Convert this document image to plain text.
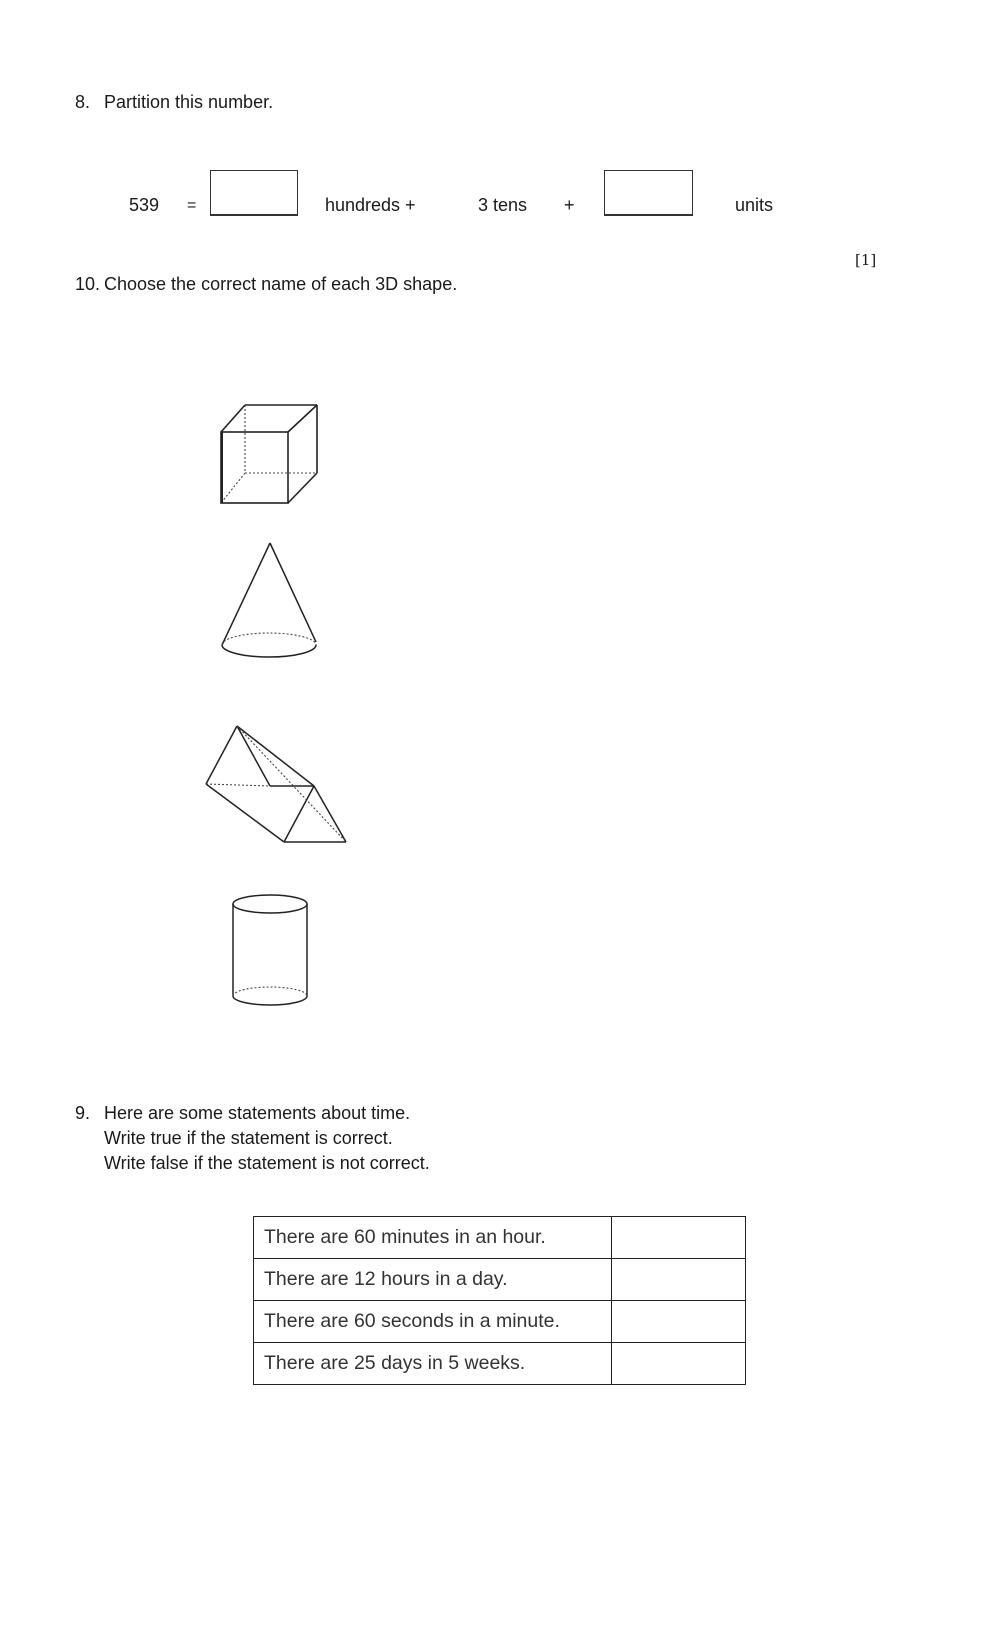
8. Partition this number.
539 =	hundreds +	3 tens +	units
[1]
10. Choose the correct name of each 3D shape.
9. Here are some statements about time.
Write true if the statement is correct.
Write false if the statement is not correct.
There are 60 minutes in an hour.	
There are 12 hours in a day.	
There are 60 seconds in a minute.	
There are 25 days in 5 weeks.	
